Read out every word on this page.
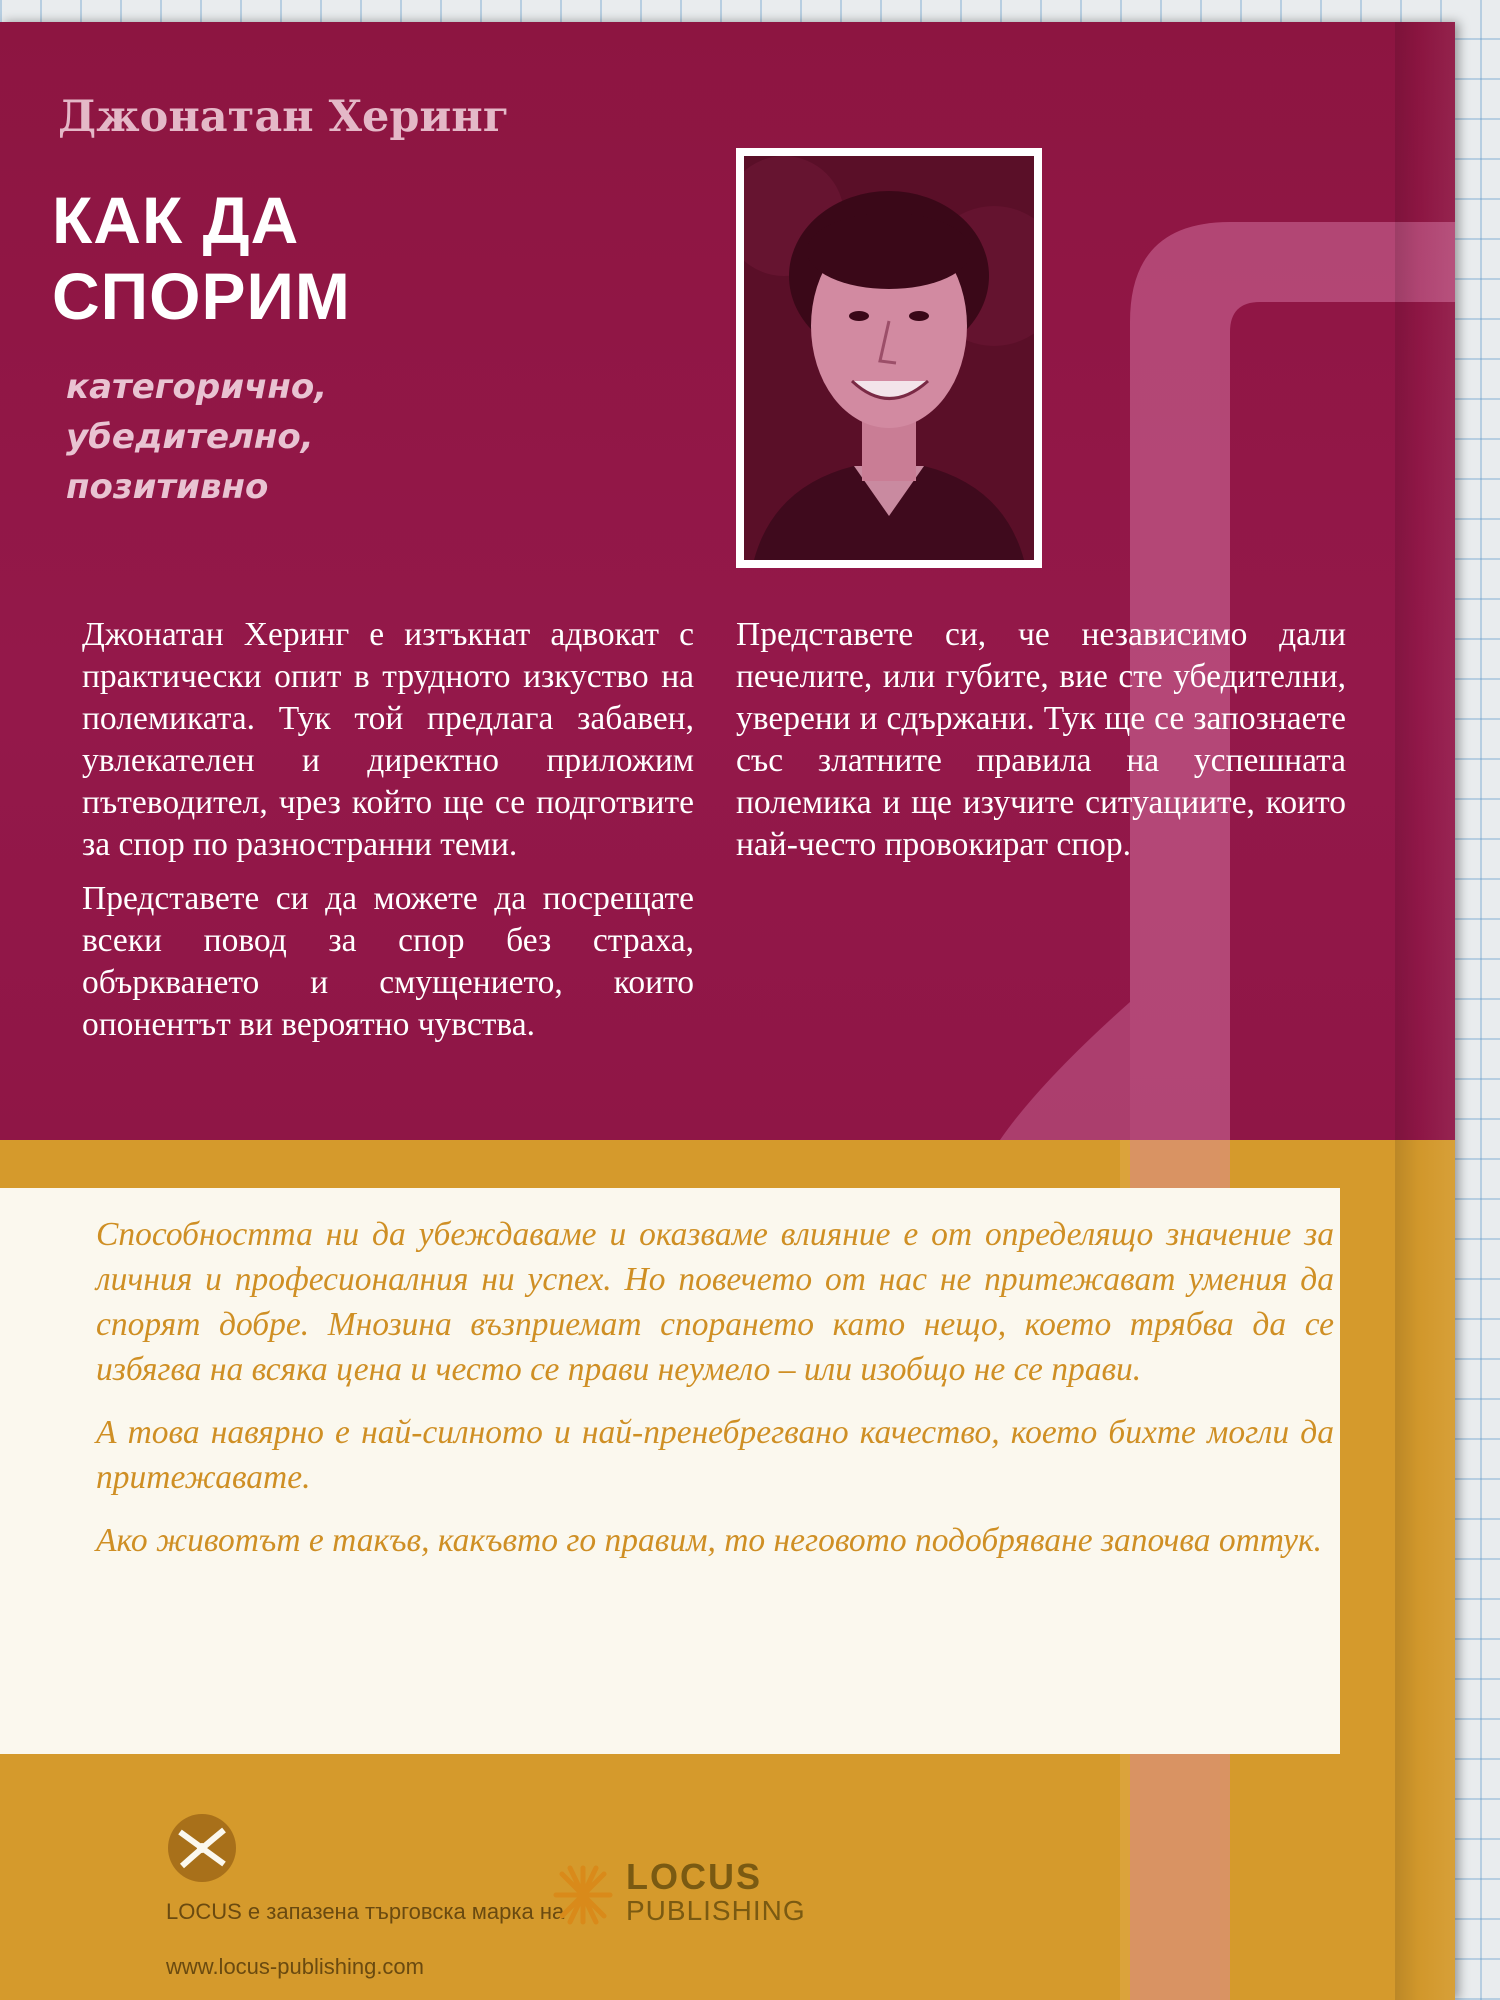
Джонатан Херинг
КАК ДА
СПОРИМ
категорично,
убедително,
позитивно

Джонатан Херинг е изтъкнат адвокат с практически опит в трудното изкуство на полемиката. Тук той предлага забавен, увлекателен и директно приложим пътеводител, чрез който ще се подготвите за спор по разностранни теми.

Представете си да можете да посрещате всеки повод за спор без страха, объркването и смущението, които опонентът ви вероятно чувства.

Представете си, че независимо дали печелите, или губите, вие сте убедителни, уверени и сдържани. Тук ще се запознаете със златните правила на успешната полемика и ще изучите ситуациите, които най-често провокират спор.

Способността ни да убеждаваме и оказваме влияние е от определящо значение за личния и професионалния ни успех. Но повечето от нас не притежават умения да спорят добре. Мнозина възприемат спорането като нещо, което трябва да се избягва на всяка цена и често се прави неумело – или изобщо не се прави.

А това навярно е най-силното и най-пренебрегвано качество, което бихте могли да притежавате.

Ако животът е такъв, какъвто го правим, то неговото подобряване започва оттук.

LOCUS е запазена търговска марка на
LOCUS
PUBLISHING
www.locus-publishing.com
